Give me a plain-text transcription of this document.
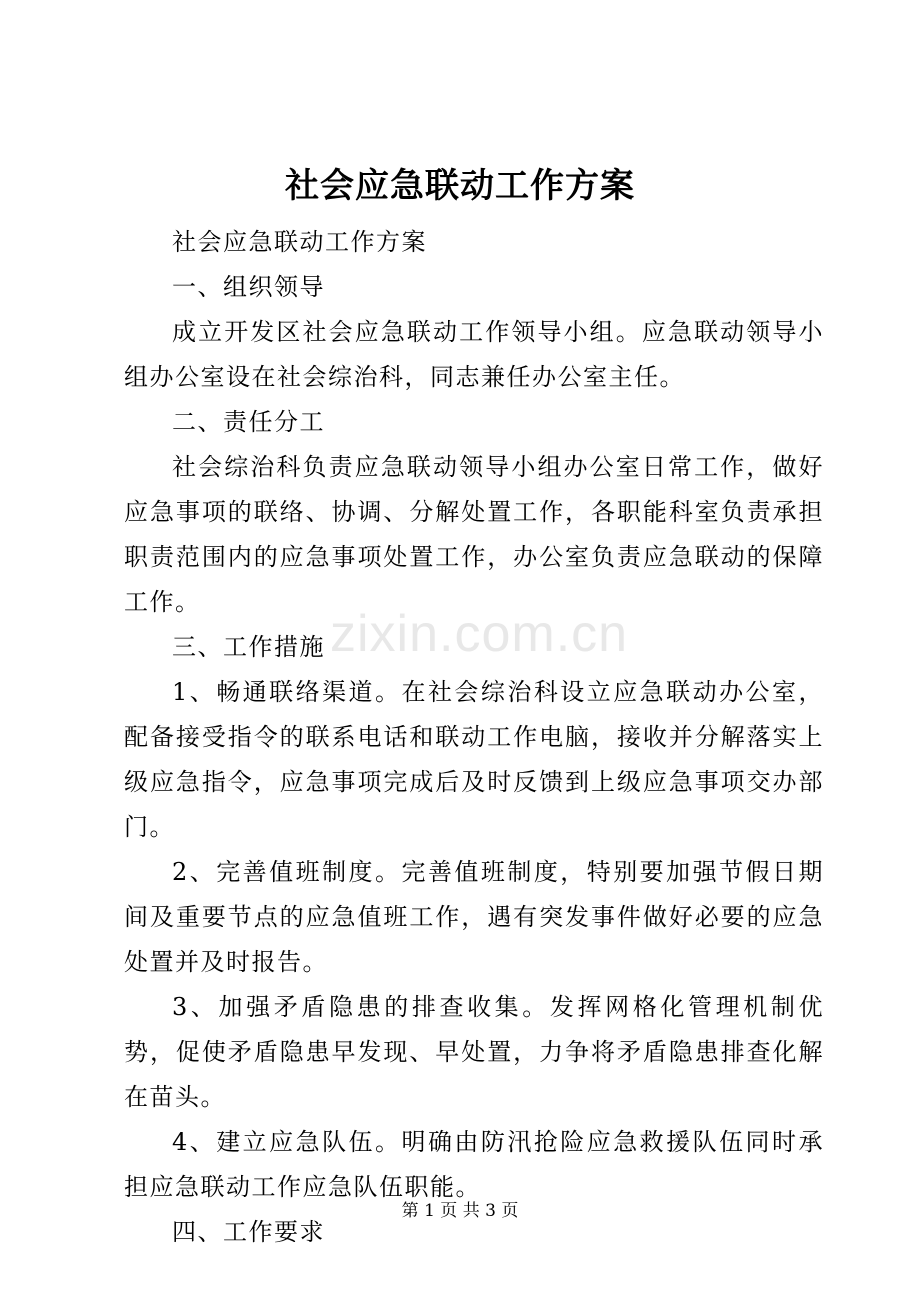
zixin.com.cn
社会应急联动工作方案

社会应急联动工作方案

一、组织领导

成立开发区社会应急联动工作领导小组。应急联动领导小组办公室设在社会综治科，同志兼任办公室主任。

二、责任分工

社会综治科负责应急联动领导小组办公室日常工作，做好应急事项的联络、协调、分解处置工作，各职能科室负责承担职责范围内的应急事项处置工作，办公室负责应急联动的保障工作。

三、工作措施

1、畅通联络渠道。在社会综治科设立应急联动办公室，配备接受指令的联系电话和联动工作电脑，接收并分解落实上级应急指令，应急事项完成后及时反馈到上级应急事项交办部门。

2、完善值班制度。完善值班制度，特别要加强节假日期间及重要节点的应急值班工作，遇有突发事件做好必要的应急处置并及时报告。

3、加强矛盾隐患的排查收集。发挥网格化管理机制优势，促使矛盾隐患早发现、早处置，力争将矛盾隐患排查化解在苗头。

4、建立应急队伍。明确由防汛抢险应急救援队伍同时承担应急联动工作应急队伍职能。

四、工作要求

第 1 页 共 3 页
